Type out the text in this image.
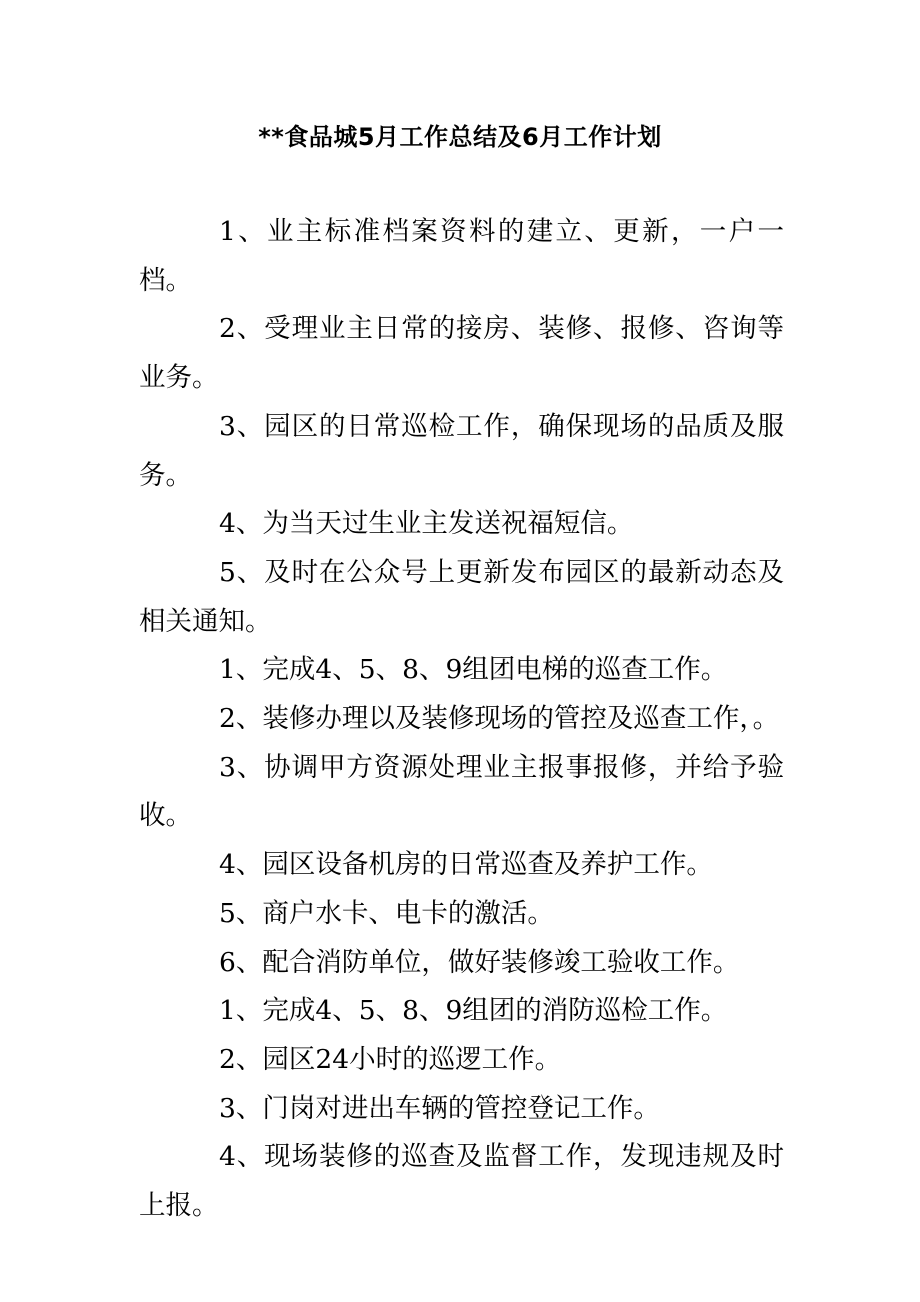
**食品城5月工作总结及6月工作计划

1、业主标准档案资料的建立、更新，一户一档。

2、受理业主日常的接房、装修、报修、咨询等业务。

3、园区的日常巡检工作，确保现场的品质及服务。

4、为当天过生业主发送祝福短信。

5、及时在公众号上更新发布园区的最新动态及相关通知。

1、完成4、5、8、9组团电梯的巡查工作。

2、装修办理以及装修现场的管控及巡查工作，。

3、协调甲方资源处理业主报事报修，并给予验收。

4、园区设备机房的日常巡查及养护工作。

5、商户水卡、电卡的激活。

6、配合消防单位，做好装修竣工验收工作。

1、完成4、5、8、9组团的消防巡检工作。

2、园区24小时的巡逻工作。

3、门岗对进出车辆的管控登记工作。

4、现场装修的巡查及监督工作，发现违规及时上报。
